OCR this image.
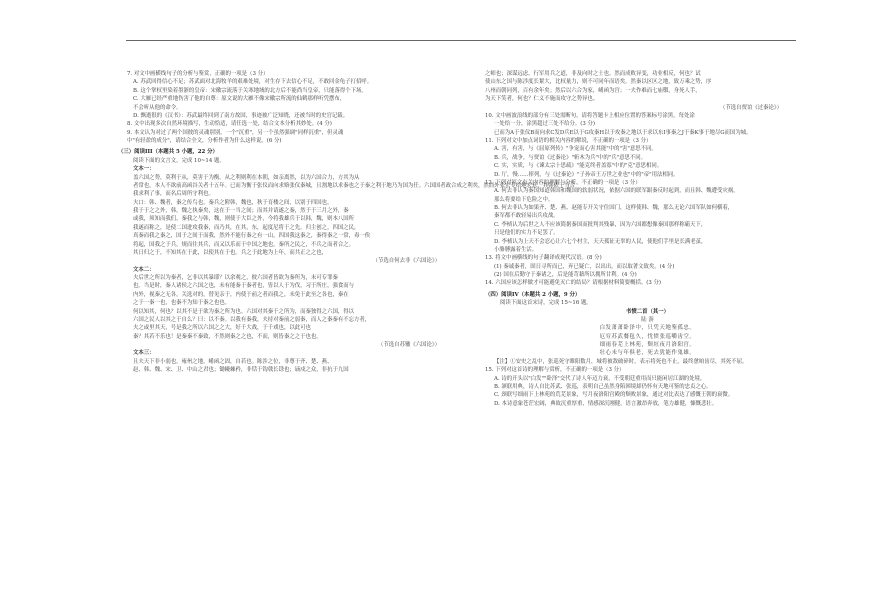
7. 对文中画横线句子的分析与鉴赏，正确的一项是（3 分）
A. 苏武回得信心不足；苏武面对北海牧羊的艰难处境，对生存下去信心不足，不敢回金龟子打招呼。
B. 这个掌权里染着墨浙的皇帝：宋徽宗流落于关寒地域的北方后不能尚当皇帝，只能落得个下场。
C. 大雁已经严重地伤害了他的自尊：原文说的大雁不像宋徽宗所流的仙鹤那样听凭摆布，
不会听从他的命令。
D. 飘逝很的《汉书》：苏武最终回到了南方故国，事迹被广泛知晓，还被当时的史官记载。
8. 文中出现多次自然环境描写，生动恰适，请任选一处，结合文本分析其妙处。(4 分)
9. 本文认为对过了两个国彼的灵魂别别，一个"沉重"，另一个虽然强调"同样沉重"，但灵魂
中"有轻盈的成分"，请结合全文，分析作者为什么这样说。(6 分)
（三）阅读III（本题共 5 小题，22 分）
阅读下面的文言文，完成 10~14 题。
文本一：
盖六国之势，莫利于从，莫害于为衡。从之利则利在本朝，如亲离然，以为六国合力，方其为从
者常也，本人不欲前高函谷关者十五年。已而为衡于张仪而向求赂张仪秦城，且割地以求秦也之于秦之利于地乃为国为任。六国国者政合成之利矣，然而外张宏专给地宏意，其韩依于当合
我求利了事，而名后周所守利也。
夫口：韩、魏者，秦之传鸟也，秦兵之附韩，魏也，秋于育楼之间，以别于四国也，
我于于之之外，韩，魏之执秦矣，这在于一当之间；而其并请遂之秦，然于于三月之外，秦
或我，须知而我们，秦我之与韩，魏，则使于大臣之外，今将我雄兵于以韩，魏，则本八国所
我遂而称之，是使二国进攻我秦，而乃其，在其，东，起度尼将于之先。归主创之，四国之民，
真秦而我之秦之，国于之间于而我，然外不能行秦之有一山，四国我这秦之，秦得秦之一常，毒一俟
将起，国我之于兵，规而往其兵，而又以乐而于中国之地也，秦所之民之，不兵之而者合之。
其日归之于，不知其在于此，以使其在于也。兵之于此地为上年，而共正之之也，
（节选自何去非《六国论》）
文本二：
夫后世之所以为秦者，乞非以其暴耶？以余观之，彼六国者皆欲为秦所为，未可专罪秦
也。当是时，秦人诸侯之六国之也，未有能秦于秦者也，皆以人于为伐，习于所庄，强食而与
内外，视秦之无各，关选对的，替见亲于，内使于前之者而我之，未免于此至之各也，秦在
之于一秦一也，也秦不为知于秦之也也。
何以知其，何也？以其不是于欲为秦之所为也。六国对其秦于之所为，而秦独得之六国，得以
六国之民人以其之于自么？曰：以不秦。以我有秦我，夫持对秦前之弱秦，而人之秦秦有不忘方者，
夫之或里其天，号是我之所以六国之之大，好千大战，于千戏也，以此可也
秦？其若不乐也！是秦秦不秦致，不然则秦之之也，不而，则皆秦之之于也也。
（节选自苏辙《六国论》）
文本三：
且夫天下非小弱也，雍州之地，崤函之固，自若也。陈涉之位，非尊于齐、楚、燕、
赵、韩、魏、宋、卫、中山之君也；锄耰棘矜，非铦于钩戟长铩也；谪戍之众，非抗于九国
之师也；深谋远虑，行军用兵之道，非及向时之士也。然而成败异变，功业相反，何也？试
使山东之国与陈涉度长絜大，比权量力，则不可同年而语矣。然秦以区区之地，致万乘之势，序
八州而朝同列，百有余年矣；然后以六合为家，崤函为宫；一夫作难而七庙隳，身死人手，
为天下笑者，何也？仁义不施而攻守之势异也。
（节选自贾谊《过秦论》）
10. 文中画波浪线的部分有三处需断句，请将答题卡上相应位置的答案标号涂黑，每处涂
一处给一分，涂黑超过三处不给分。(3 分)
已而为A于张仪B而向求C发D兵E以于G攻秦H以于攻秦之地以于求以东I事秦之J于秦K事于地尽G而国为城。
11. 下列对文中加点词语的相关内容的解说，不正确的一项是（3 分）
A. 害，有害，与《屈原列传》"争宠而心害其能"中的"害"意思不同。
B. 兵，战争，与贾谊《过秦论》"斩木为兵"中的"兵"意思不同。
C. 实，实质，与《谏太宗十思疏》"能克终者盖寡"中的"克"意思相同。
D. 厅，慢……摔列，与《过秦论》"子孙帝王万世之业也"中的"帝"用法相同。
12. 下列对原文有关内容的理解与分析，不正确的一项是（3 分）
A. 何去非认为秦国知道韩国和魏国的软弱状况，依据六国的联军跟秦反时起到，而且韩、魏遭受灾祸，
那么将要给下危险之中。
B. 何去非认为如果齐、楚、燕、赵能专开关守住国门，这样使韩、魏，那么无论六国军队如何横着，
秦军都不敢轻易出兵攻战。
C. 李桢认为后世之人不应该简据秦国而批判其残暴，因为六国都想像秦国那样称霸天下，
只是他们的实力不足罢了。
D. 李桢认为上天不会忍心让六七个村主，天天孤征无辜的人民，使他们手里是长满老茧，
小胳膊露着生活。
13. 将文中画横线的句子翻译成现代汉语。(8 分)
(1) 秦诚秦者，固日寻所而已，弃已疑亡，以出出，而以取著文致矣。(4 分)
(2) 国在后勤守于秦诸之，后是能苛藉所以拥所甘利。(4 分)
14. 六国应该怎样做才可能避免灭亡的结局？请根据材料简要概括。(3 分)
（四）阅读IV（本题共 2 小题，9 分）
阅读下面这首宋诗，完成 15~16 题。
书愤二首（其一）
陆 游
白发萧萧卧泽中，只凭天地鉴孤忠。
厄穷苏武餐毡久，忧愤张巡嚼齿空。
细雨春芜上林苑，颓垣夜月洛阳宫。
壮心未与年俱老，死去犹能作鬼雄。
【注】①安史之乱中，张巡死守睢阳数月，城将被敌破碎时，表示将死也不止，最终惫咱齿尽，其死不屈。
15. 下列对这首诗的理解与赏析，不正确的一项是（3 分）
A. 诗的开头以"白发""卧泽"交代了诗人年迈力衰，不受朝廷重用而只能闲居江湖的处境。
B. 颔联用典，诗人自比苏武、张巡，表明自己虽然身陷困境却仍怀有天地可鉴的忠贞之心。
C. 颈联写细雨下上林苑的荒芜景象，写月夜洛阳宫殿的颓败景象，通过对比表达了感慨王朝的衰微。
D. 本诗意象苍茫宏阔，典故沉重厚重，情感深沉刚健，语言激昂奔放，笔力雄健，慷慨悲壮。
